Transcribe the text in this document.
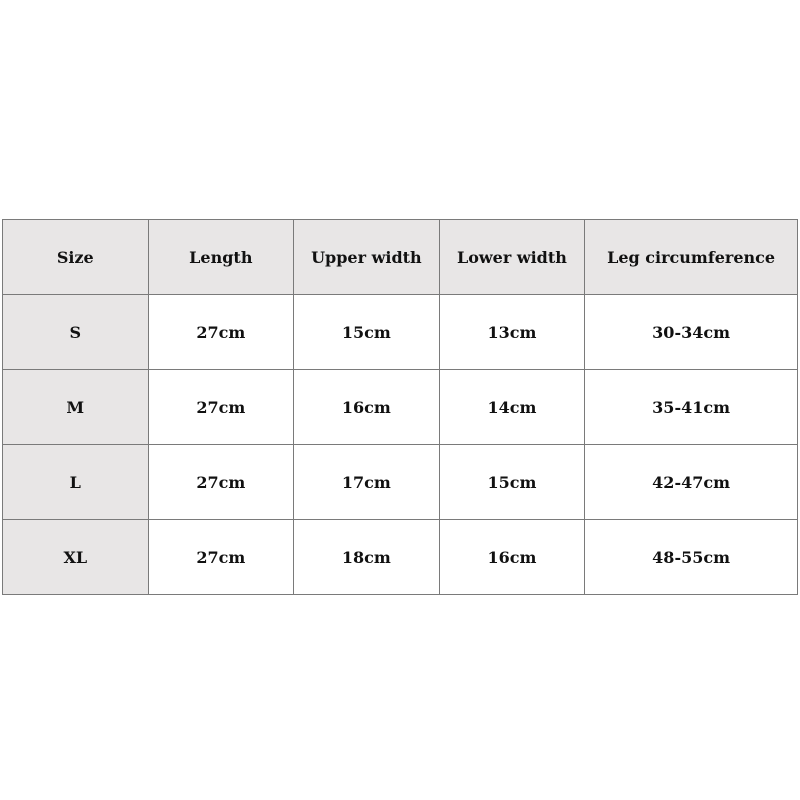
Size	Length	Upper width	Lower width	Leg circumference
S	27cm	15cm	13cm	30-34cm
M	27cm	16cm	14cm	35-41cm
L	27cm	17cm	15cm	42-47cm
XL	27cm	18cm	16cm	48-55cm
